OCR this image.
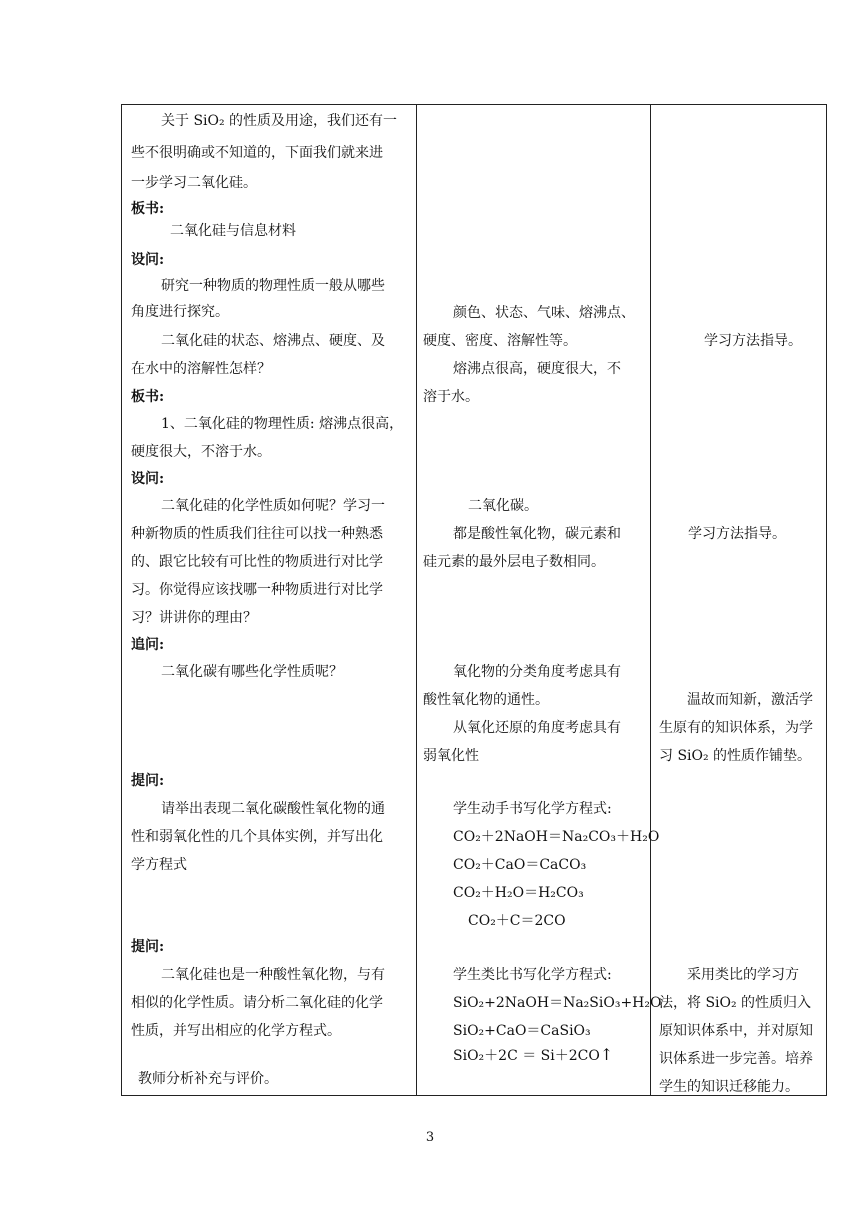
关于 SiO₂ 的性质及用途，我们还有一
些不很明确或不知道的，下面我们就来进
一步学习二氧化硅。
板书:
二氧化硅与信息材料
设问:
研究一种物质的物理性质一般从哪些
角度进行探究。
二氧化硅的状态、熔沸点、硬度、及
在水中的溶解性怎样？
板书:
1、二氧化硅的物理性质: 熔沸点很高，
硬度很大，不溶于水。
设问:
二氧化硅的化学性质如何呢？学习一
种新物质的性质我们往往可以找一种熟悉
的、跟它比较有可比性的物质进行对比学
习。你觉得应该找哪一种物质进行对比学
习？讲讲你的理由？
追问:
二氧化碳有哪些化学性质呢？
提问:
请举出表现二氧化碳酸性氧化物的通
性和弱氧化性的几个具体实例，并写出化
学方程式
提问:
二氧化硅也是一种酸性氧化物，与有
相似的化学性质。请分析二氧化硅的化学
性质，并写出相应的化学方程式。
教师分析补充与评价。
颜色、状态、气味、熔沸点、
硬度、密度、溶解性等。
熔沸点很高，硬度很大，不
溶于水。
二氧化碳。
都是酸性氧化物，碳元素和
硅元素的最外层电子数相同。
氧化物的分类角度考虑具有
酸性氧化物的通性。
从氧化还原的角度考虑具有
弱氧化性
学生动手书写化学方程式:
CO₂＋2NaOH＝Na₂CO₃＋H₂O
CO₂＋CaO＝CaCO₃
CO₂＋H₂O＝H₂CO₃
CO₂＋C＝2CO
学生类比书写化学方程式:
SiO₂+2NaOH＝Na₂SiO₃+H₂O
SiO₂+CaO＝CaSiO₃
SiO₂＋2C ＝ Si＋2CO↑
学习方法指导。
学习方法指导。
温故而知新，激活学
生原有的知识体系，为学
习 SiO₂ 的性质作铺垫。
采用类比的学习方
法，将 SiO₂ 的性质归入
原知识体系中，并对原知
识体系进一步完善。培养
学生的知识迁移能力。
3
